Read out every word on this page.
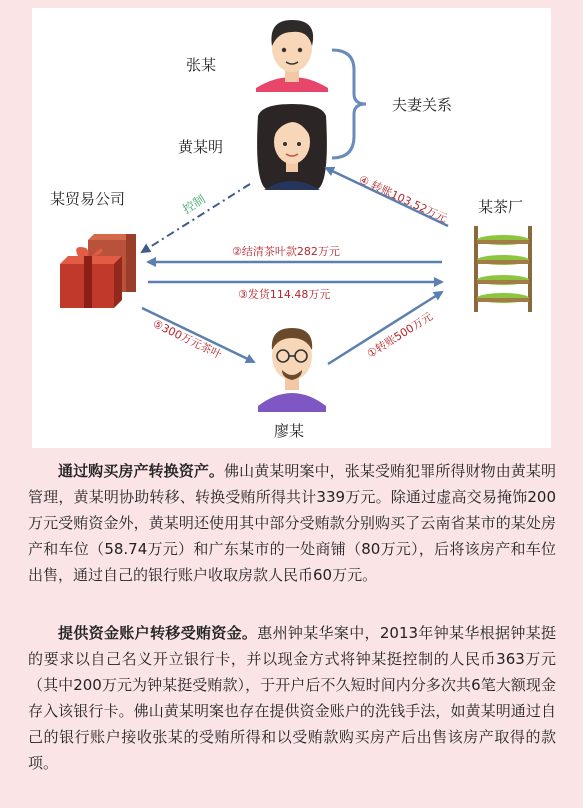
控制	④ 转账103.52万元
②结清茶叶款282万元
③发货114.48万元
⑤300万元茶叶	①转账500万元
张某
黄某明
某贸易公司	某茶厂
廖某
夫妻关系
通过购买房产转换资产。佛山黄某明案中，张某受贿犯罪所得财物由黄某明管理，黄某明协助转移、转换受贿所得共计339万元。除通过虚高交易掩饰200万元受贿资金外，黄某明还使用其中部分受贿款分别购买了云南省某市的某处房产和车位（58.74万元）和广东某市的一处商铺（80万元），后将该房产和车位出售，通过自己的银行账户收取房款人民币60万元。
提供资金账户转移受贿资金。惠州钟某华案中，2013年钟某华根据钟某挺的要求以自己名义开立银行卡，并以现金方式将钟某挺控制的人民币363万元（其中200万元为钟某挺受贿款），于开户后不久短时间内分多次共6笔大额现金存入该银行卡。佛山黄某明案也存在提供资金账户的洗钱手法，如黄某明通过自己的银行账户接收张某的受贿所得和以受贿款购买房产后出售该房产取得的款项。
